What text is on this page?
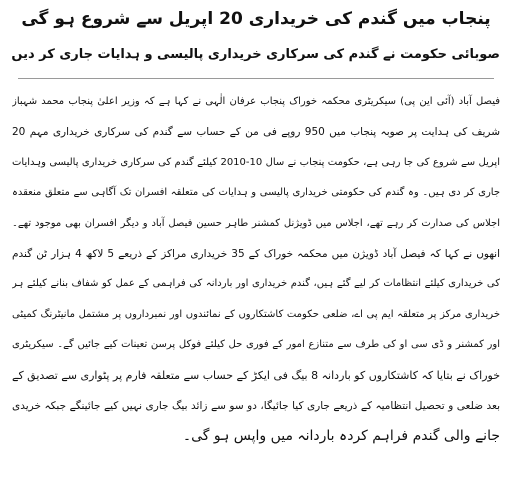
پنجاب میں گندم کی خریداری 20 اپریل سے شروع ہو گی
صوبائی حکومت نے گندم کی سرکاری خریداری پالیسی و ہدایات جاری کر دیں
فیصل آباد (آئی این پی) سیکریٹری محکمہ خوراک پنجاب عرفان الٰہی نے کہا ہے کہ وزیر اعلیٰ پنجاب محمد شہباز
شریف کی ہدایت پر صوبہ پنجاب میں 950 روپے فی من کے حساب سے گندم کی سرکاری خریداری مہم 20
اپریل سے شروع کی جا رہی ہے، حکومت پنجاب نے سال 10-2010 کیلئے گندم کی سرکاری خریداری پالیسی وہدایات
جاری کر دی ہیں۔ وہ گندم کی حکومتی خریداری پالیسی و ہدایات کی متعلقہ افسران تک آگاہی سے متعلق منعقدہ
اجلاس کی صدارت کر رہے تھے، اجلاس میں ڈویژنل کمشنر طاہر حسین فیصل آباد و دیگر افسران بھی موجود تھے۔
انھوں نے کہا کہ فیصل آباد ڈویژن میں محکمہ خوراک کے 35 خریداری مراکز کے ذریعے 5 لاکھ 4 ہزار ٹن گندم
کی خریداری کیلئے انتظامات کر لیے گئے ہیں، گندم خریداری اور باردانہ کی فراہمی کے عمل کو شفاف بنانے کیلئے ہر
خریداری مرکز پر متعلقہ ایم پی اے، ضلعی حکومت کاشتکاروں کے نمائندوں اور نمبرداروں پر مشتمل مانیٹرنگ کمیٹی
اور کمشنر و ڈی سی او کی طرف سے متنازع امور کے فوری حل کیلئے فوکل پرسن تعینات کیے جائیں گے۔ سیکریٹری
خوراک نے بتایا کہ کاشتکاروں کو باردانہ 8 بیگ فی ایکڑ کے حساب سے متعلقہ فارم پر پٹواری سے تصدیق کے
بعد ضلعی و تحصیل انتظامیہ کے ذریعے جاری کیا جائیگا، دو سو سے زائد بیگ جاری نہیں کیے جائینگے جبکہ خریدی
جانے والی گندم فراہم کردہ باردانہ میں واپس ہو گی۔
